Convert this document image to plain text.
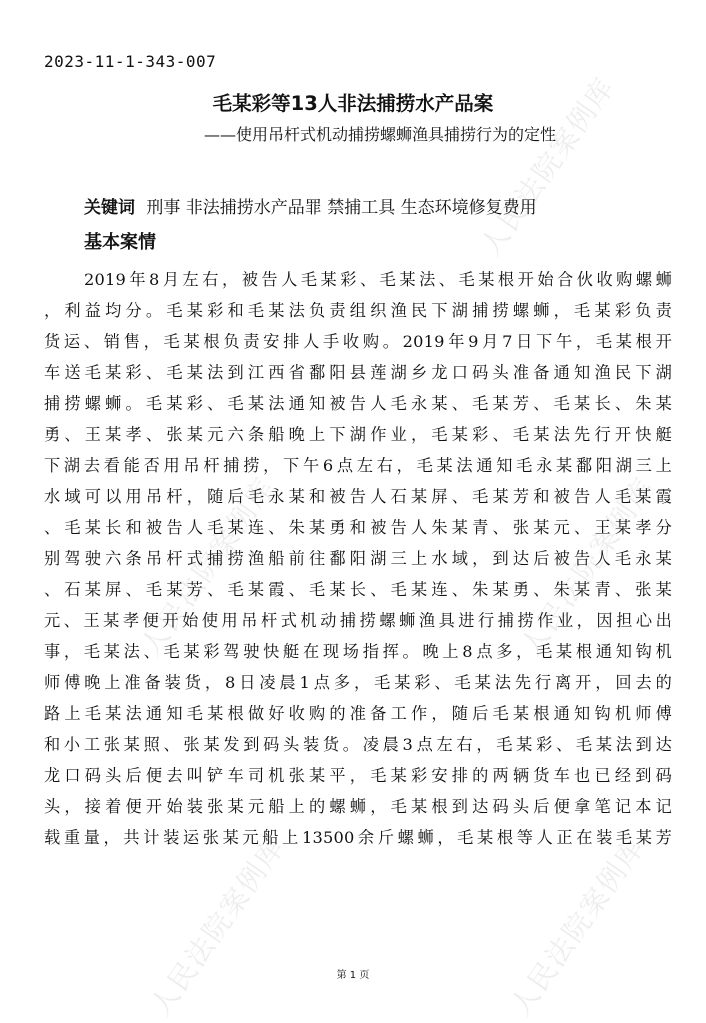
人民法院案例库
人民法院案例库	人民法院案例库
人民法院案例库	人民法院案例库
2023-11-1-343-007
毛某彩等13人非法捕捞水产品案
——使用吊杆式机动捕捞螺蛳渔具捕捞行为的定性
关键词 刑事 非法捕捞水产品罪 禁捕工具 生态环境修复费用
基本案情
2019年8月左右，被告人毛某彩、毛某法、毛某根开始合伙收购螺蛳
，利益均分。毛某彩和毛某法负责组织渔民下湖捕捞螺蛳，毛某彩负责
货运、销售，毛某根负责安排人手收购。2019年9月7日下午，毛某根开
车送毛某彩、毛某法到江西省鄱阳县莲湖乡龙口码头准备通知渔民下湖
捕捞螺蛳。毛某彩、毛某法通知被告人毛永某、毛某芳、毛某长、朱某
勇、王某孝、张某元六条船晚上下湖作业，毛某彩、毛某法先行开快艇
下湖去看能否用吊杆捕捞，下午6点左右，毛某法通知毛永某鄱阳湖三上
水域可以用吊杆，随后毛永某和被告人石某屏、毛某芳和被告人毛某霞
、毛某长和被告人毛某连、朱某勇和被告人朱某青、张某元、王某孝分
别驾驶六条吊杆式捕捞渔船前往鄱阳湖三上水域，到达后被告人毛永某
、石某屏、毛某芳、毛某霞、毛某长、毛某连、朱某勇、朱某青、张某
元、王某孝便开始使用吊杆式机动捕捞螺蛳渔具进行捕捞作业，因担心出
事，毛某法、毛某彩驾驶快艇在现场指挥。晚上8点多，毛某根通知钩机
师傅晚上准备装货，8日凌晨1点多，毛某彩、毛某法先行离开，回去的
路上毛某法通知毛某根做好收购的准备工作，随后毛某根通知钩机师傅
和小工张某照、张某发到码头装货。凌晨3点左右，毛某彩、毛某法到达
龙口码头后便去叫铲车司机张某平，毛某彩安排的两辆货车也已经到码
头，接着便开始装张某元船上的螺蛳，毛某根到达码头后便拿笔记本记
载重量，共计装运张某元船上13500余斤螺蛳，毛某根等人正在装毛某芳
第 1 页
